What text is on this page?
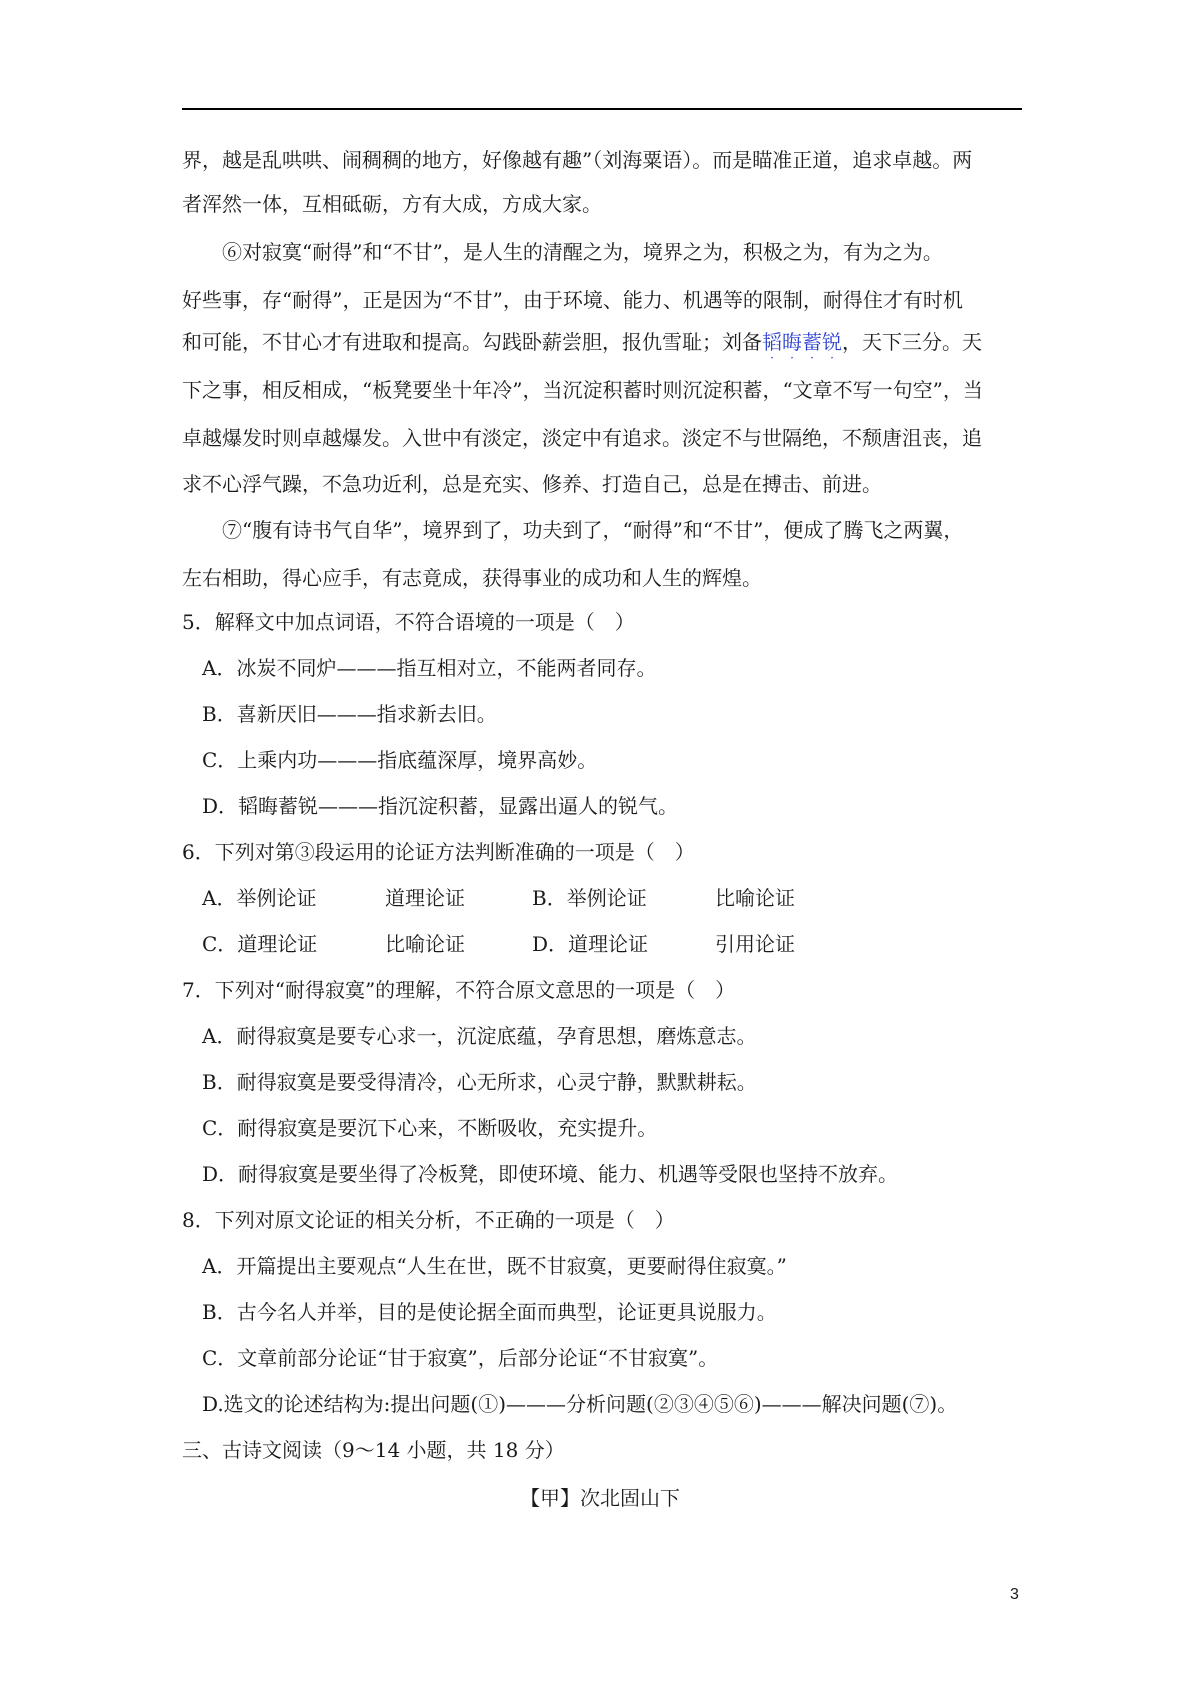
界，越是乱哄哄、闹稠稠的地方，好像越有趣”（刘海粟语）。而是瞄准正道，追求卓越。两
者浑然一体，互相砥砺，方有大成，方成大家。
⑥对寂寞“耐得”和“不甘”，是人生的清醒之为，境界之为，积极之为，有为之为。
好些事，存“耐得”，正是因为“不甘”，由于环境、能力、机遇等的限制，耐得住才有时机
和可能，不甘心才有进取和提高。勾践卧薪尝胆，报仇雪耻；刘备韬晦蓄锐
· · · ·
，天下三分。天
下之事，相反相成，“板凳要坐十年冷”，当沉淀积蓄时则沉淀积蓄，“文章不写一句空”，当
卓越爆发时则卓越爆发。入世中有淡定，淡定中有追求。淡定不与世隔绝，不颓唐沮丧，追
求不心浮气躁，不急功近利，总是充实、修养、打造自己，总是在搏击、前进。
⑦“腹有诗书气自华”，境界到了，功夫到了，“耐得”和“不甘”，便成了腾飞之两翼，
左右相助，得心应手，有志竟成，获得事业的成功和人生的辉煌。
5．解释文中加点词语，不符合语境的一项是（　）
A．冰炭不同炉———指互相对立，不能两者同存。
B．喜新厌旧———指求新去旧。
C．上乘内功———指底蕴深厚，境界高妙。
D．韬晦蓄锐———指沉淀积蓄，显露出逼人的锐气。
6．下列对第③段运用的论证方法判断准确的一项是（　）
A．举例论证	道理论证	B．举例论证	比喻论证
C．道理论证	比喻论证	D．道理论证	引用论证
7．下列对“耐得寂寞”的理解，不符合原文意思的一项是（　）
A．耐得寂寞是要专心求一，沉淀底蕴，孕育思想，磨炼意志。
B．耐得寂寞是要受得清冷，心无所求，心灵宁静，默默耕耘。
C．耐得寂寞是要沉下心来，不断吸收，充实提升。
D．耐得寂寞是要坐得了冷板凳，即使环境、能力、机遇等受限也坚持不放弃。
8．下列对原文论证的相关分析，不正确的一项是（　）
A．开篇提出主要观点“人生在世，既不甘寂寞，更要耐得住寂寞。”
B．古今名人并举，目的是使论据全面而典型，论证更具说服力。
C．文章前部分论证“甘于寂寞”，后部分论证“不甘寂寞”。
D.选文的论述结构为:提出问题(①)———分析问题(②③④⑤⑥)———解决问题(⑦)。
三、古诗文阅读（9～14 小题，共 18 分）
【甲】次北固山下
3
